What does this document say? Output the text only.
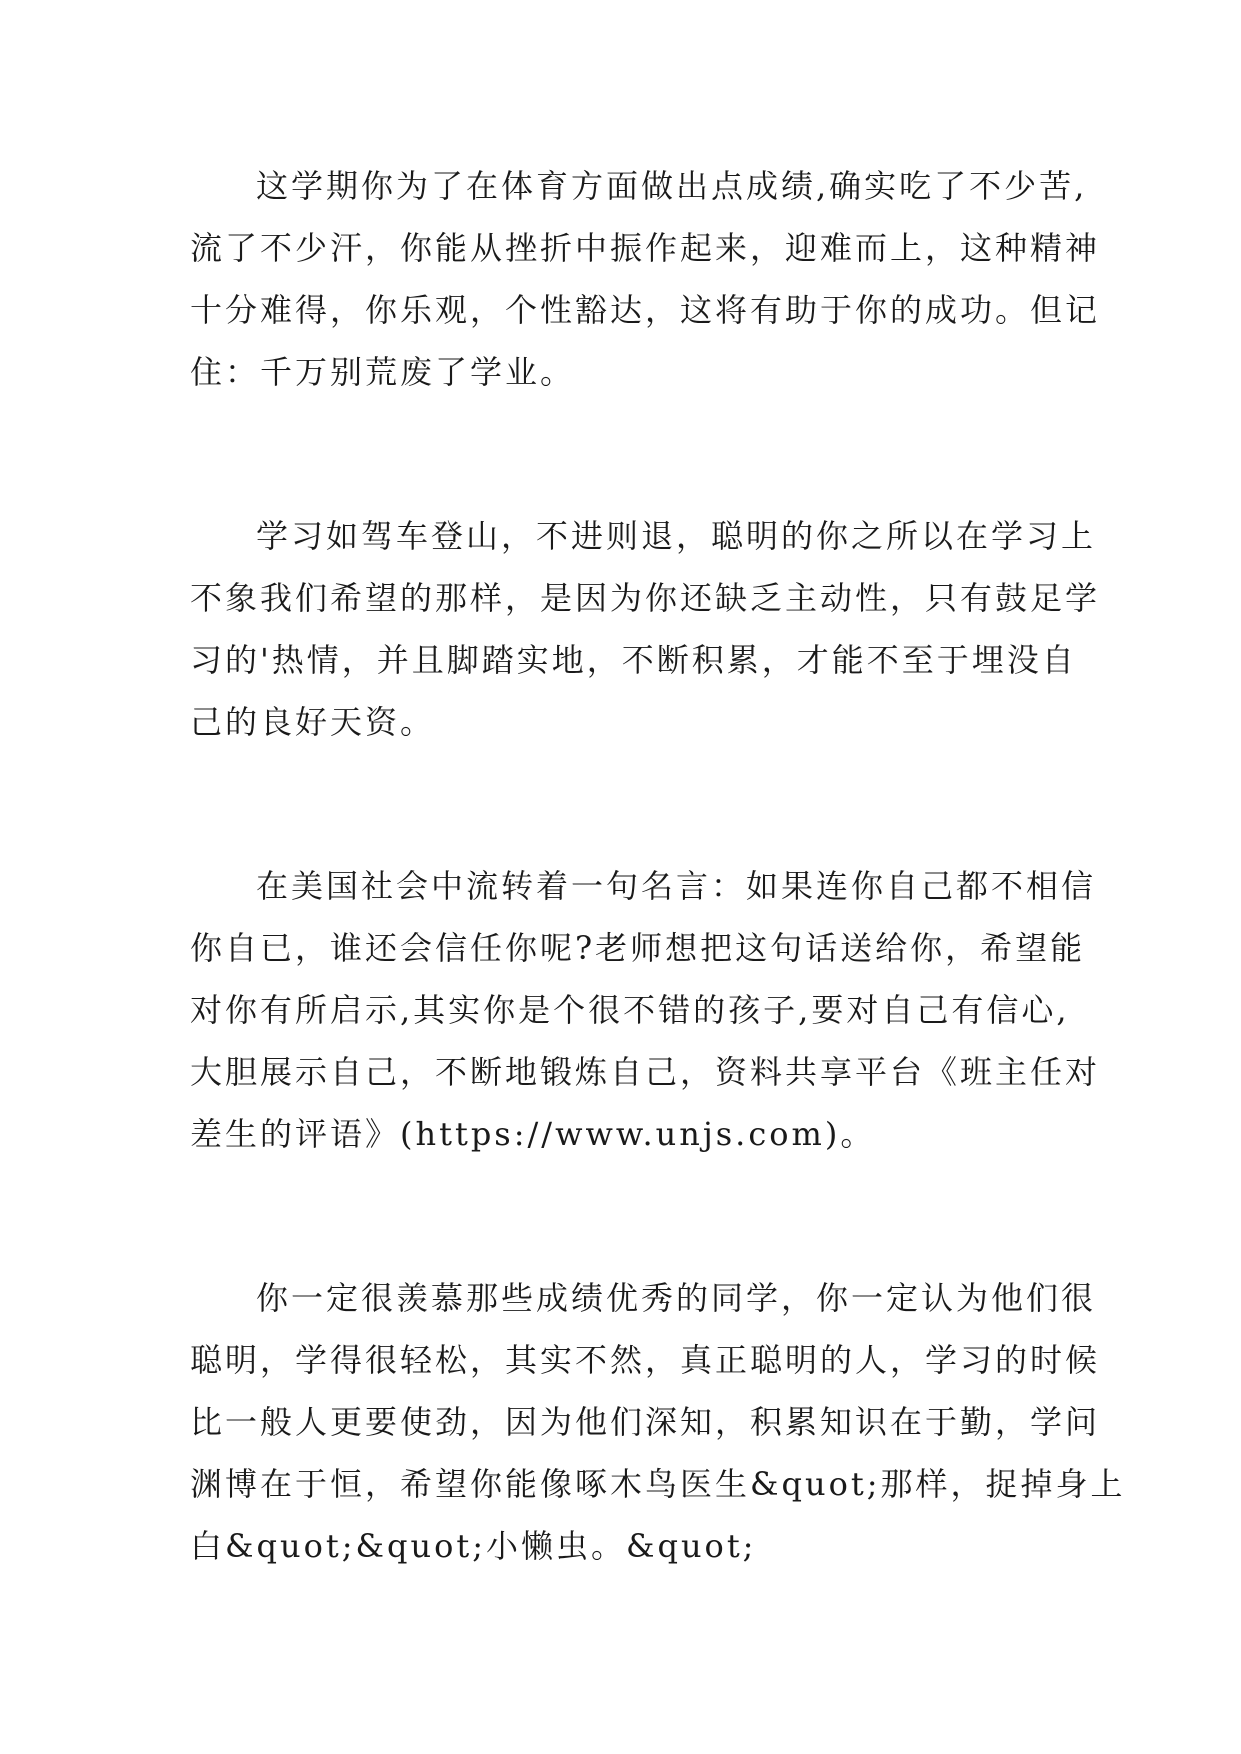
这学期你为了在体育方面做出点成绩,确实吃了不少苦,
流了不少汗，你能从挫折中振作起来，迎难而上，这种精神
十分难得，你乐观，个性豁达，这将有助于你的成功。但记
住：千万别荒废了学业。
学习如驾车登山，不进则退，聪明的你之所以在学习上
不象我们希望的那样，是因为你还缺乏主动性，只有鼓足学
习的'热情，并且脚踏实地，不断积累，才能不至于埋没自
己的良好天资。
在美国社会中流转着一句名言：如果连你自己都不相信
你自已，谁还会信任你呢?老师想把这句话送给你，希望能
对你有所启示,其实你是个很不错的孩子,要对自己有信心,
大胆展示自己，不断地锻炼自己，资料共享平台《班主任对
差生的评语》(https://www.unjs.com)。
你一定很羡慕那些成绩优秀的同学，你一定认为他们很
聪明，学得很轻松，其实不然，真正聪明的人，学习的时候
比一般人更要使劲，因为他们深知，积累知识在于勤，学问
渊博在于恒，希望你能像啄木鸟医生&quot;那样，捉掉身上
白&quot;&quot;小懒虫。&quot;
